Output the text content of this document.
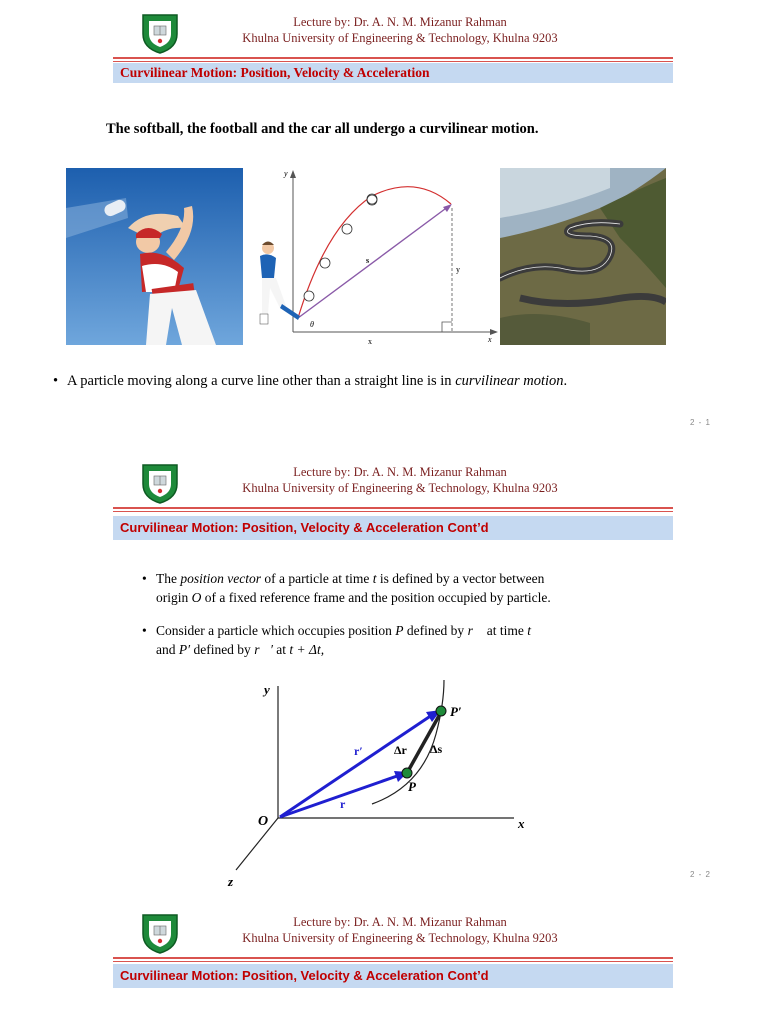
Lecture by: Dr. A. N. M. Mizanur Rahman
Khulna University of Engineering & Technology, Khulna 9203
Curvilinear Motion: Position, Velocity & Acceleration
The softball, the football and the car all undergo a curvilinear motion.
y
x
s
y
x
θ
• A particle moving along a curve line other than a straight line is in curvilinear motion.
2 - 1
Lecture by: Dr. A. N. M. Mizanur Rahman
Khulna University of Engineering & Technology, Khulna 9203
Curvilinear Motion: Position, Velocity & Acceleration Cont’d
• The position vector of a particle at time t is defined by a vector between
origin O of a fixed reference frame and the position occupied by particle.
• Consider a particle which occupies position P defined by r⃗ at time t
and P′ defined by r⃗′ at t + Δt,
y
x
z
O
P
P′
r
r′	Δr Δs
2 - 2
Lecture by: Dr. A. N. M. Mizanur Rahman
Khulna University of Engineering & Technology, Khulna 9203
Curvilinear Motion: Position, Velocity & Acceleration Cont’d
